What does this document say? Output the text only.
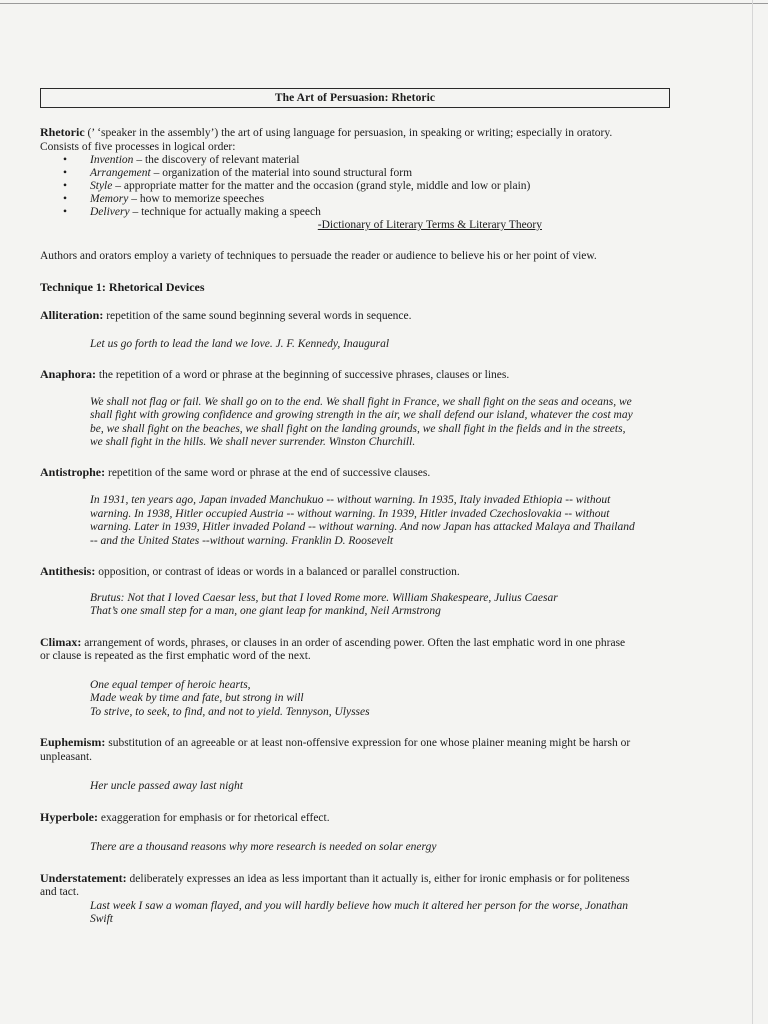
The Art of Persuasion: Rhetoric

Rhetoric (’ ‘speaker in the assembly’) the art of using language for persuasion, in speaking or writing; especially in oratory.

Consists of five processes in logical order:

• Invention – the discovery of relevant material
• Arrangement – organization of the material into sound structural form
• Style – appropriate matter for the matter and the occasion (grand style, middle and low or plain)
• Memory – how to memorize speeches
• Delivery – technique for actually making a speech

-Dictionary of Literary Terms & Literary Theory

Authors and orators employ a variety of techniques to persuade the reader or audience to believe his or her point of view.

Technique 1: Rhetorical Devices

Alliteration: repetition of the same sound beginning several words in sequence.

Let us go forth to lead the land we love. J. F. Kennedy, Inaugural

Anaphora: the repetition of a word or phrase at the beginning of successive phrases, clauses or lines.

We shall not flag or fail. We shall go on to the end. We shall fight in France, we shall fight on the seas and oceans, we

shall fight with growing confidence and growing strength in the air, we shall defend our island, whatever the cost may

be, we shall fight on the beaches, we shall fight on the landing grounds, we shall fight in the fields and in the streets,

we shall fight in the hills. We shall never surrender. Winston Churchill.

Antistrophe: repetition of the same word or phrase at the end of successive clauses.

In 1931, ten years ago, Japan invaded Manchukuo -- without warning. In 1935, Italy invaded Ethiopia -- without

warning. In 1938, Hitler occupied Austria -- without warning. In 1939, Hitler invaded Czechoslovakia -- without

warning. Later in 1939, Hitler invaded Poland -- without warning. And now Japan has attacked Malaya and Thailand

-- and the United States --without warning. Franklin D. Roosevelt

Antithesis: opposition, or contrast of ideas or words in a balanced or parallel construction.

Brutus: Not that I loved Caesar less, but that I loved Rome more. William Shakespeare, Julius Caesar

That’s one small step for a man, one giant leap for mankind, Neil Armstrong

Climax: arrangement of words, phrases, or clauses in an order of ascending power. Often the last emphatic word in one phrase

or clause is repeated as the first emphatic word of the next.

One equal temper of heroic hearts,

Made weak by time and fate, but strong in will

To strive, to seek, to find, and not to yield. Tennyson, Ulysses

Euphemism: substitution of an agreeable or at least non-offensive expression for one whose plainer meaning might be harsh or

unpleasant.

Her uncle passed away last night

Hyperbole: exaggeration for emphasis or for rhetorical effect.

There are a thousand reasons why more research is needed on solar energy

Understatement: deliberately expresses an idea as less important than it actually is, either for ironic emphasis or for politeness

and tact.

Last week I saw a woman flayed, and you will hardly believe how much it altered her person for the worse, Jonathan

Swift
